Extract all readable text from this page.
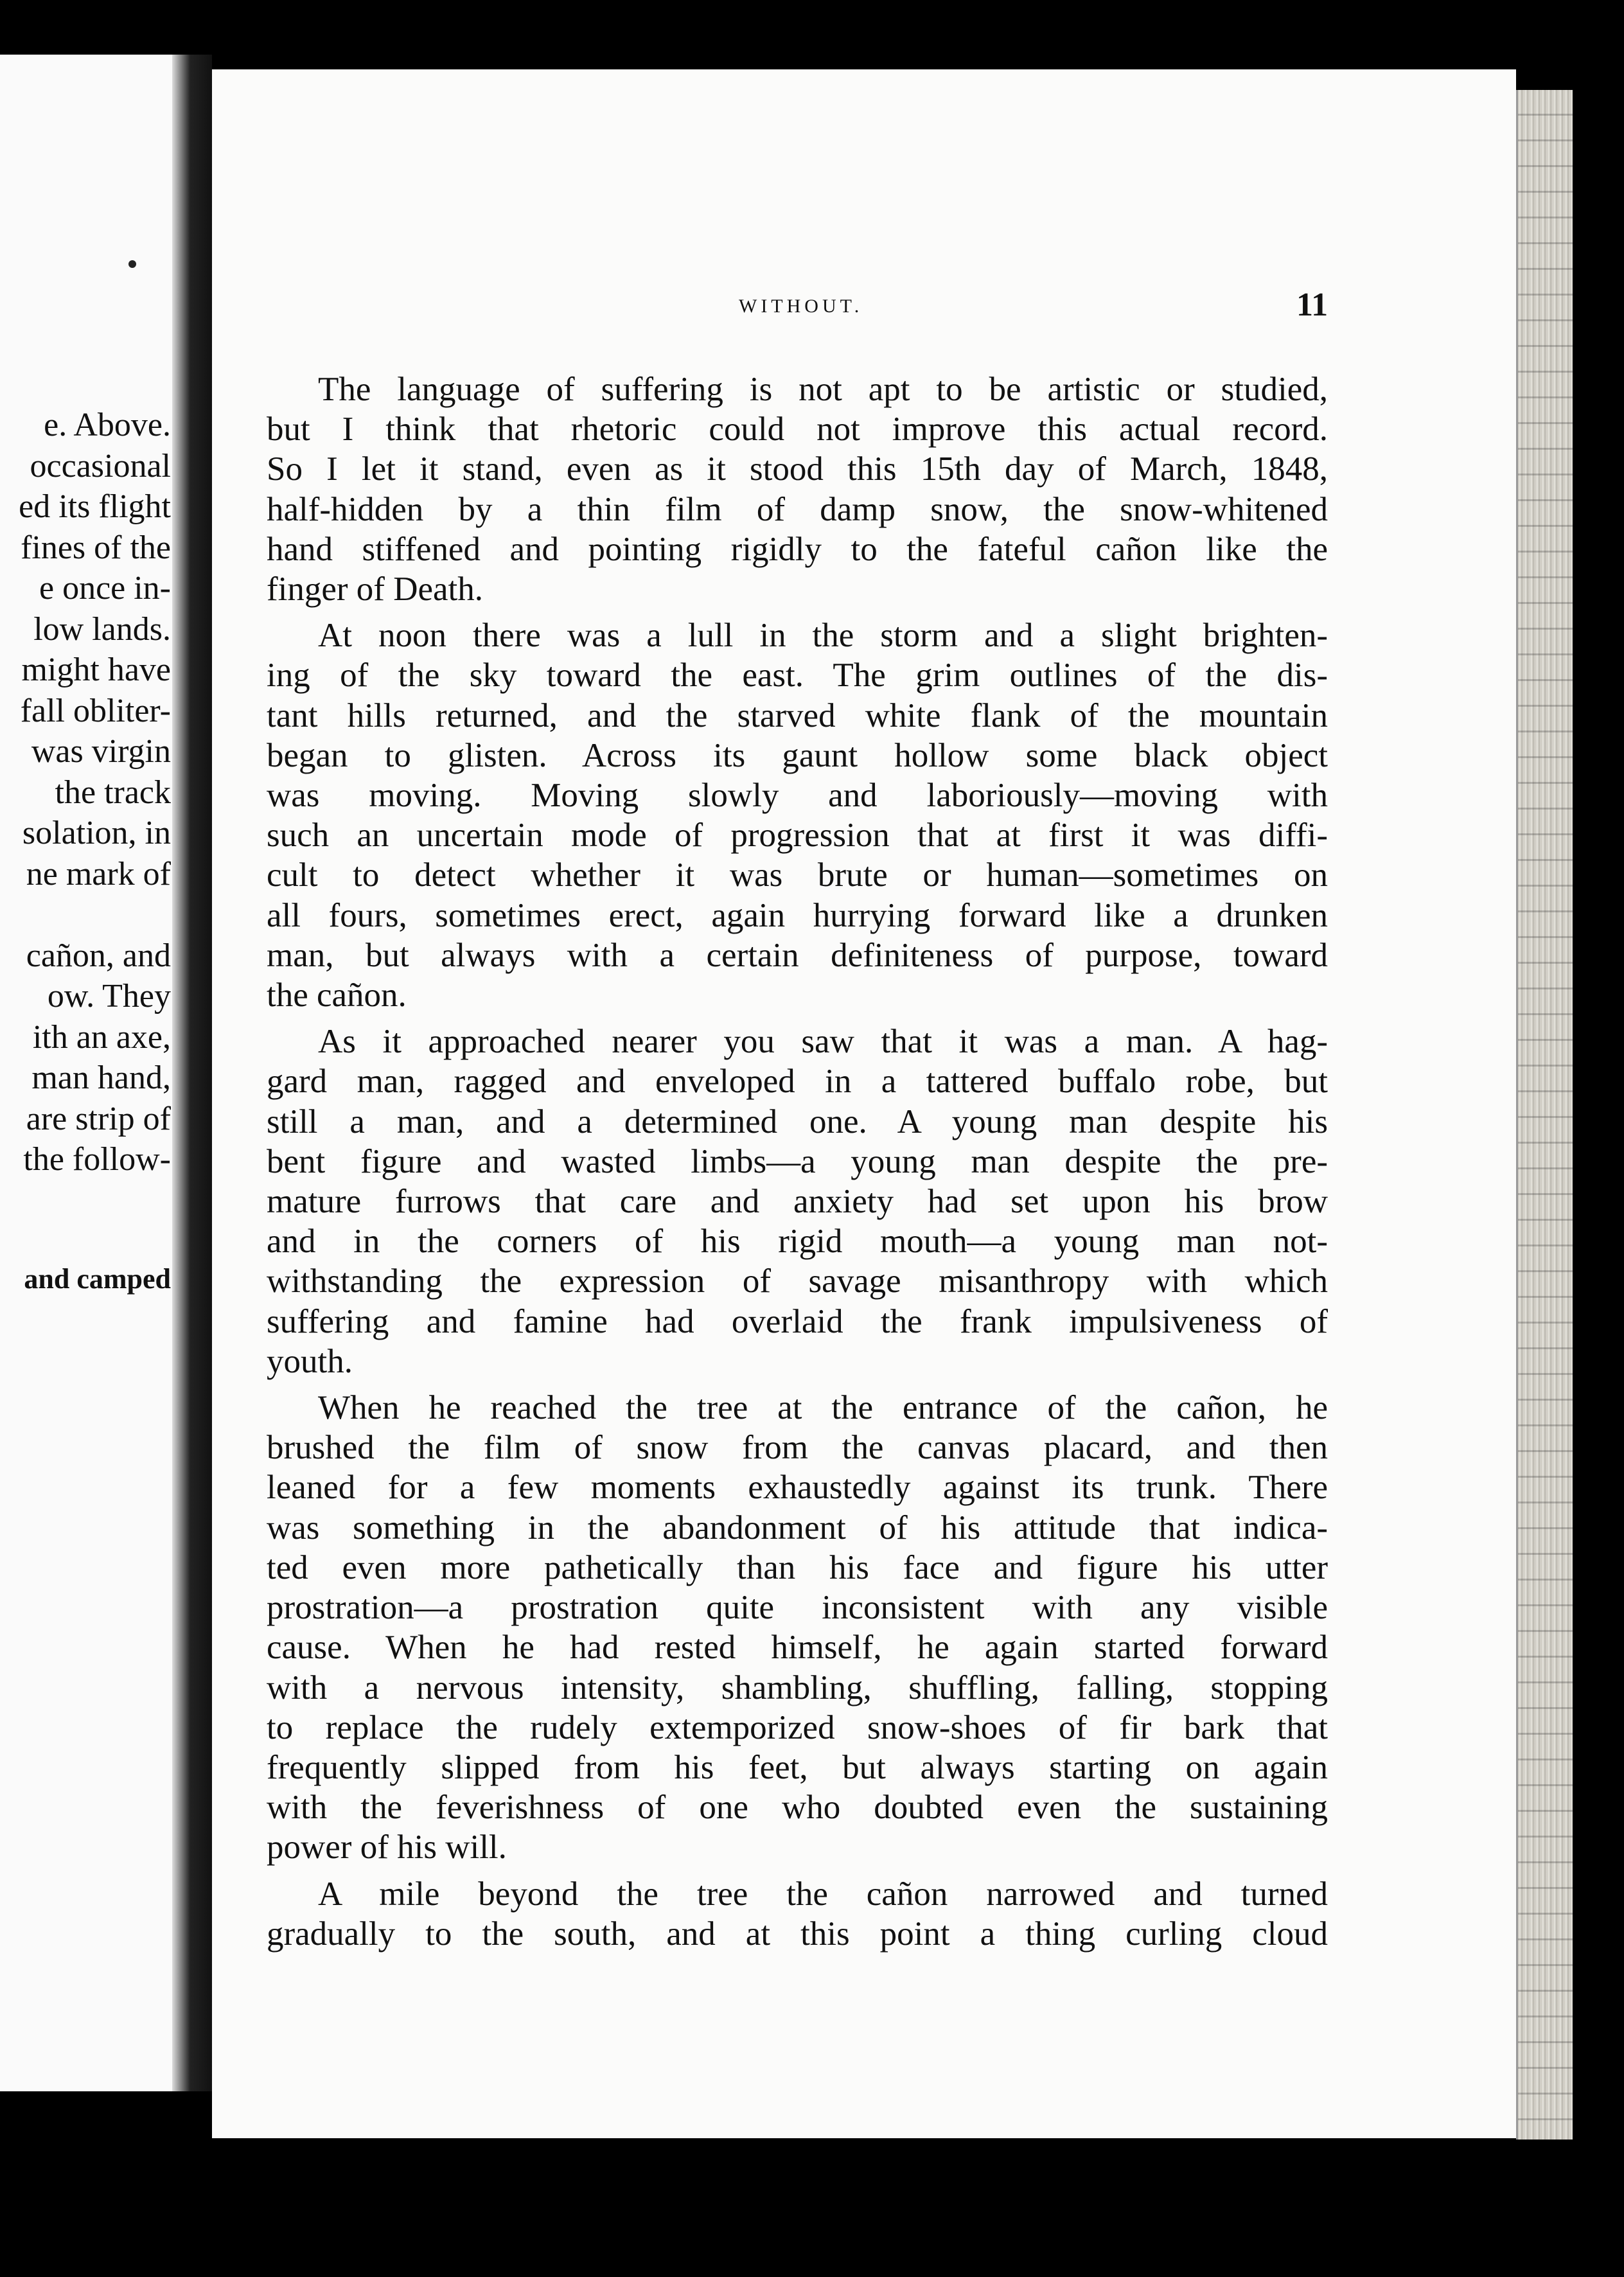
e. Above.
occasional
ed its flight
fines of the
e once in-
low lands.
might have
fall obliter-
was virgin
the track
solation, in
ne mark of

cañon, and
ow. They
ith an axe,
man hand,
are strip of
the follow-

and camped

WITHOUT.	11

The language of suffering is not apt to be artistic or studied,
but I think that rhetoric could not improve this actual record.
So I let it stand, even as it stood this 15th day of March, 1848,
half-hidden by a thin film of damp snow, the snow-whitened
hand stiffened and pointing rigidly to the fateful cañon like the
finger of Death.

At noon there was a lull in the storm and a slight brighten-
ing of the sky toward the east. The grim outlines of the dis-
tant hills returned, and the starved white flank of the mountain
began to glisten. Across its gaunt hollow some black object
was moving. Moving slowly and laboriously—moving with
such an uncertain mode of progression that at first it was diffi-
cult to detect whether it was brute or human—sometimes on
all fours, sometimes erect, again hurrying forward like a drunken
man, but always with a certain definiteness of purpose, toward
the cañon.

As it approached nearer you saw that it was a man. A hag-
gard man, ragged and enveloped in a tattered buffalo robe, but
still a man, and a determined one. A young man despite his
bent figure and wasted limbs—a young man despite the pre-
mature furrows that care and anxiety had set upon his brow
and in the corners of his rigid mouth—a young man not-
withstanding the expression of savage misanthropy with which
suffering and famine had overlaid the frank impulsiveness of
youth.

When he reached the tree at the entrance of the cañon, he
brushed the film of snow from the canvas placard, and then
leaned for a few moments exhaustedly against its trunk. There
was something in the abandonment of his attitude that indica-
ted even more pathetically than his face and figure his utter
prostration—a prostration quite inconsistent with any visible
cause. When he had rested himself, he again started forward
with a nervous intensity, shambling, shuffling, falling, stopping
to replace the rudely extemporized snow-shoes of fir bark that
frequently slipped from his feet, but always starting on again
with the feverishness of one who doubted even the sustaining
power of his will.

A mile beyond the tree the cañon narrowed and turned
gradually to the south, and at this point a thing curling cloud
